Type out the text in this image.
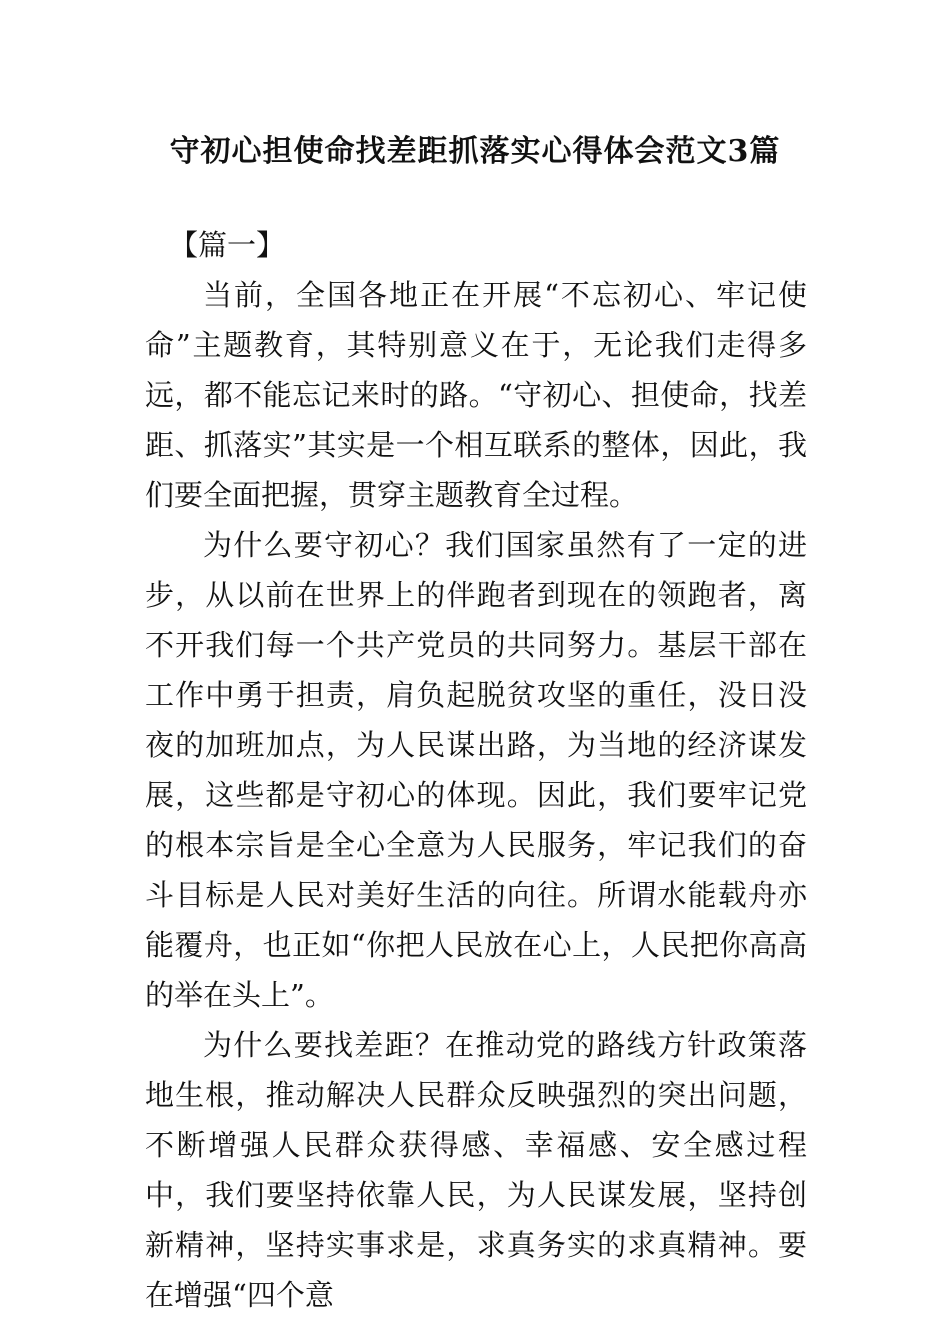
守初心担使命找差距抓落实心得体会范文3篇

【篇一】

当前，全国各地正在开展“不忘初心、牢记使命”主题教育，其特别意义在于，无论我们走得多远，都不能忘记来时的路。“守初心、担使命，找差距、抓落实”其实是一个相互联系的整体，因此，我们要全面把握，贯穿主题教育全过程。

为什么要守初心？我们国家虽然有了一定的进步，从以前在世界上的伴跑者到现在的领跑者，离不开我们每一个共产党员的共同努力。基层干部在工作中勇于担责，肩负起脱贫攻坚的重任，没日没夜的加班加点，为人民谋出路，为当地的经济谋发展，这些都是守初心的体现。因此，我们要牢记党的根本宗旨是全心全意为人民服务，牢记我们的奋斗目标是人民对美好生活的向往。所谓水能载舟亦能覆舟，也正如“你把人民放在心上，人民把你高高的举在头上”。

为什么要找差距？在推动党的路线方针政策落地生根，推动解决人民群众反映强烈的突出问题，不断增强人民群众获得感、幸福感、安全感过程中，我们要坚持依靠人民，为人民谋发展，坚持创新精神，坚持实事求是，求真务实的求真精神。要在增强“四个意
